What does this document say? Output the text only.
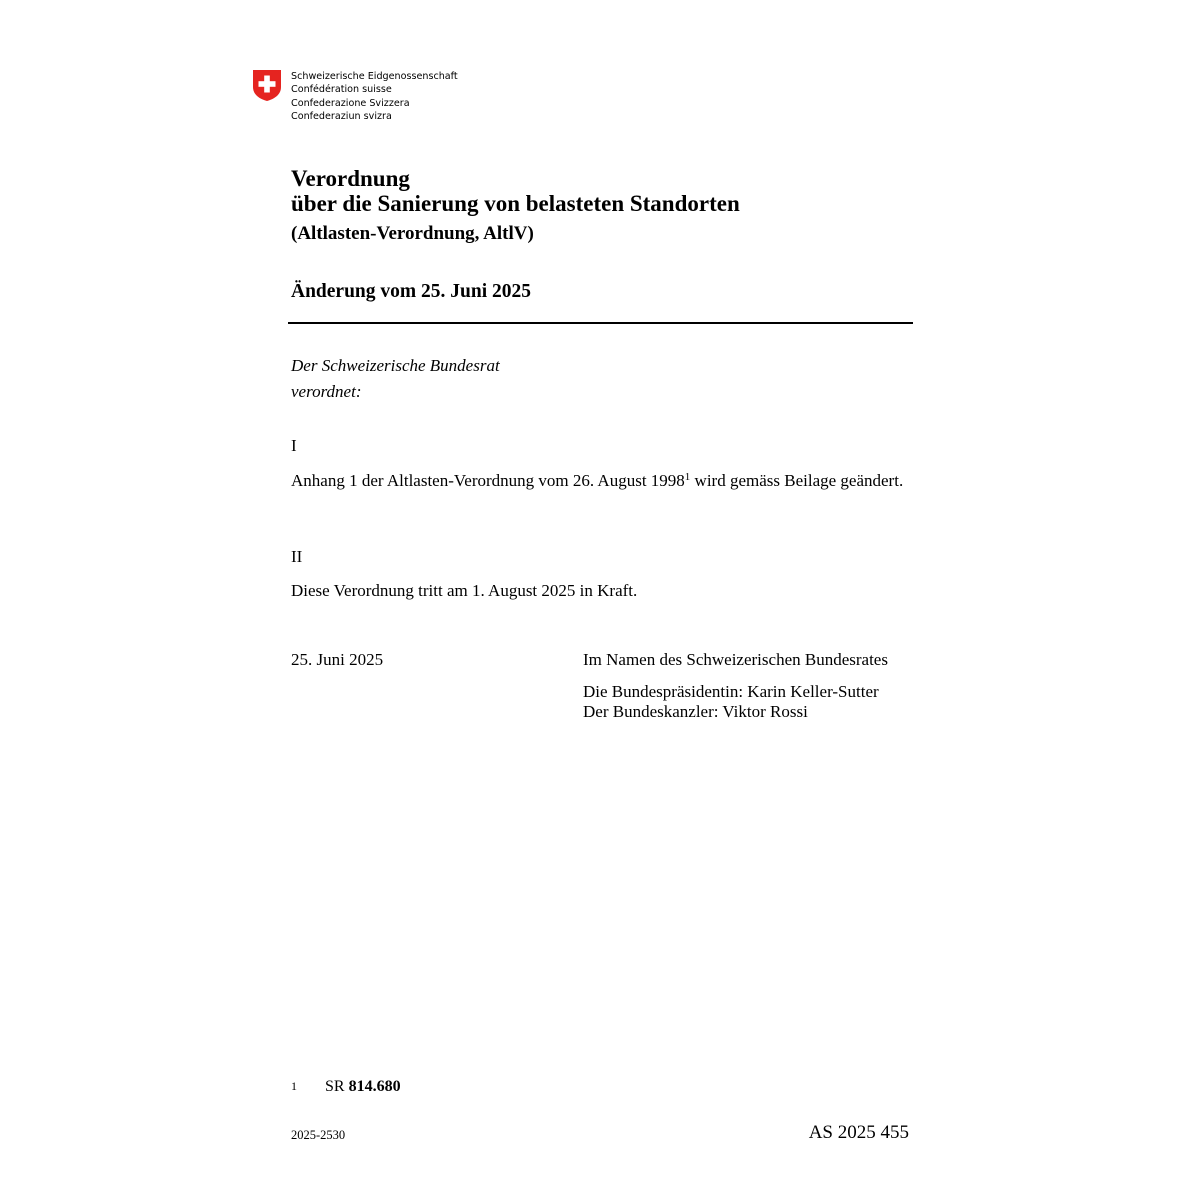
Schweizerische Eidgenossenschaft
Confédération suisse
Confederazione Svizzera
Confederaziun svizra
Verordnung
über die Sanierung von belasteten Standorten
(Altlasten-Verordnung, AltlV)
Änderung vom 25. Juni 2025
Der Schweizerische Bundesrat
verordnet:
I
Anhang 1 der Altlasten-Verordnung vom 26. August 1998$^1$ wird gemäss Beilage geändert.
II
Diese Verordnung tritt am 1. August 2025 in Kraft.
25. Juni 2025	Im Namen des Schweizerischen Bundesrates
Die Bundespräsidentin: Karin Keller-Sutter
Der Bundeskanzler: Viktor Rossi
1 SR 814.680
2025-2530	AS 2025 455
